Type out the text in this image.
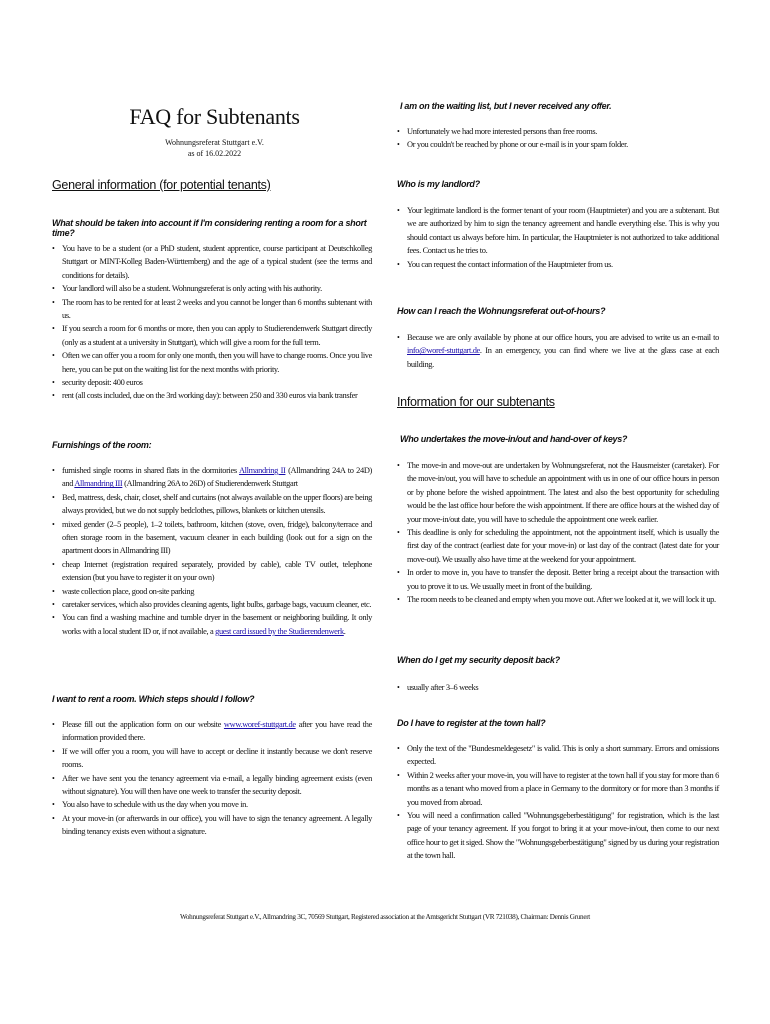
FAQ for Subtenants
Wohnungsreferat Stuttgart e.V.
as of 16.02.2022
General information (for potential tenants)
What should be taken into account if I'm considering renting a room for a short time?
• You have to be a student (or a PhD student, student apprentice, course participant at Deutschkolleg Stuttgart or MINT-Kolleg Baden-Württemberg) and the age of a typical student (see the terms and conditions for details).
• Your landlord will also be a student. Wohnungsreferat is only acting with his authority.
• The room has to be rented for at least 2 weeks and you cannot be longer than 6 months subtenant with us.
• If you search a room for 6 months or more, then you can apply to Studierendenwerk Stuttgart directly (only as a student at a university in Stuttgart), which will give a room for the full term.
• Often we can offer you a room for only one month, then you will have to change rooms. Once you live here, you can be put on the waiting list for the next months with priority.
• security deposit: 400 euros
• rent (all costs included, due on the 3rd working day): between 250 and 330 euros via bank transfer
Furnishings of the room:
• furnished single rooms in shared flats in the dormitories Allmandring II (Allmandring 24A to 24D) and Allmandring III (Allmandring 26A to 26D) of Studierendenwerk Stuttgart
• Bed, mattress, desk, chair, closet, shelf and curtains (not always available on the upper floors) are being always provided, but we do not supply bedclothes, pillows, blankets or kitchen utensils.
• mixed gender (2–5 people), 1–2 toilets, bathroom, kitchen (stove, oven, fridge), balcony/terrace and often storage room in the basement, vacuum cleaner in each building (look out for a sign on the apartment doors in Allmandring III)
• cheap Internet (registration required separately, provided by cable), cable TV outlet, telephone extension (but you have to register it on your own)
• waste collection place, good on-site parking
• caretaker services, which also provides cleaning agents, light bulbs, garbage bags, vacuum cleaner, etc.
• You can find a washing machine and tumble dryer in the basement or neighboring building. It only works with a local student ID or, if not available, a guest card issued by the Studierendenwerk.
I want to rent a room. Which steps should I follow?
• Please fill out the application form on our website www.woref-stuttgart.de after you have read the information provided there.
• If we will offer you a room, you will have to accept or decline it instantly because we don't reserve rooms.
• After we have sent you the tenancy agreement via e-mail, a legally binding agreement exists (even without signature). You will then have one week to transfer the security deposit.
• You also have to schedule with us the day when you move in.
• At your move-in (or afterwards in our office), you will have to sign the tenancy agreement. A legally binding tenancy exists even without a signature.
I am on the waiting list, but I never received any offer.
• Unfortunately we had more interested persons than free rooms.
• Or you couldn't be reached by phone or our e-mail is in your spam folder.
Who is my landlord?
• Your legitimate landlord is the former tenant of your room (Hauptmieter) and you are a subtenant. But we are authorized by him to sign the tenancy agreement and handle everything else. This is why you should contact us always before him. In particular, the Hauptmieter is not authorized to take additional fees. Contact us he tries to.
• You can request the contact information of the Hauptmieter from us.
How can I reach the Wohnungsreferat out-of-hours?
• Because we are only available by phone at our office hours, you are advised to write us an e-mail to info@woref-stuttgart.de. In an emergency, you can find where we live at the glass case at each building.
Information for our subtenants
Who undertakes the move-in/out and hand-over of keys?
• The move-in and move-out are undertaken by Wohnungsreferat, not the Hausmeister (caretaker). For the move-in/out, you will have to schedule an appointment with us in one of our office hours in person or by phone before the wished appointment. The latest and also the best opportunity for scheduling would be the last office hour before the wish appointment. If there are office hours at the wished day of your move-in/out date, you will have to schedule the appointment one week earlier.
• This deadline is only for scheduling the appointment, not the appointment itself, which is usually the first day of the contract (earliest date for your move-in) or last day of the contract (latest date for your move-out). We usually also have time at the weekend for your appointment.
• In order to move in, you have to transfer the deposit. Better bring a receipt about the transaction with you to prove it to us. We usually meet in front of the building.
• The room needs to be cleaned and empty when you move out. After we looked at it, we will lock it up.
When do I get my security deposit back?
• usually after 3–6 weeks
Do I have to register at the town hall?
• Only the text of the "Bundesmeldegesetz" is valid. This is only a short summary. Errors and omissions expected.
• Within 2 weeks after your move-in, you will have to register at the town hall if you stay for more than 6 months as a tenant who moved from a place in Germany to the dormitory or for more than 3 months if you moved from abroad.
• You will need a confirmation called "Wohnungsgeberbestätigung" for registration, which is the last page of your tenancy agreement. If you forgot to bring it at your move-in/out, then come to our next office hour to get it siged. Show the "Wohnungsgeberbestätigung" signed by us during your registration at the town hall.
Wohnungsreferat Stuttgart e.V., Allmandring 3C, 70569 Stuttgart, Registered association at the Amtsgericht Stuttgart (VR 721038), Chairman: Dennis Grunert
